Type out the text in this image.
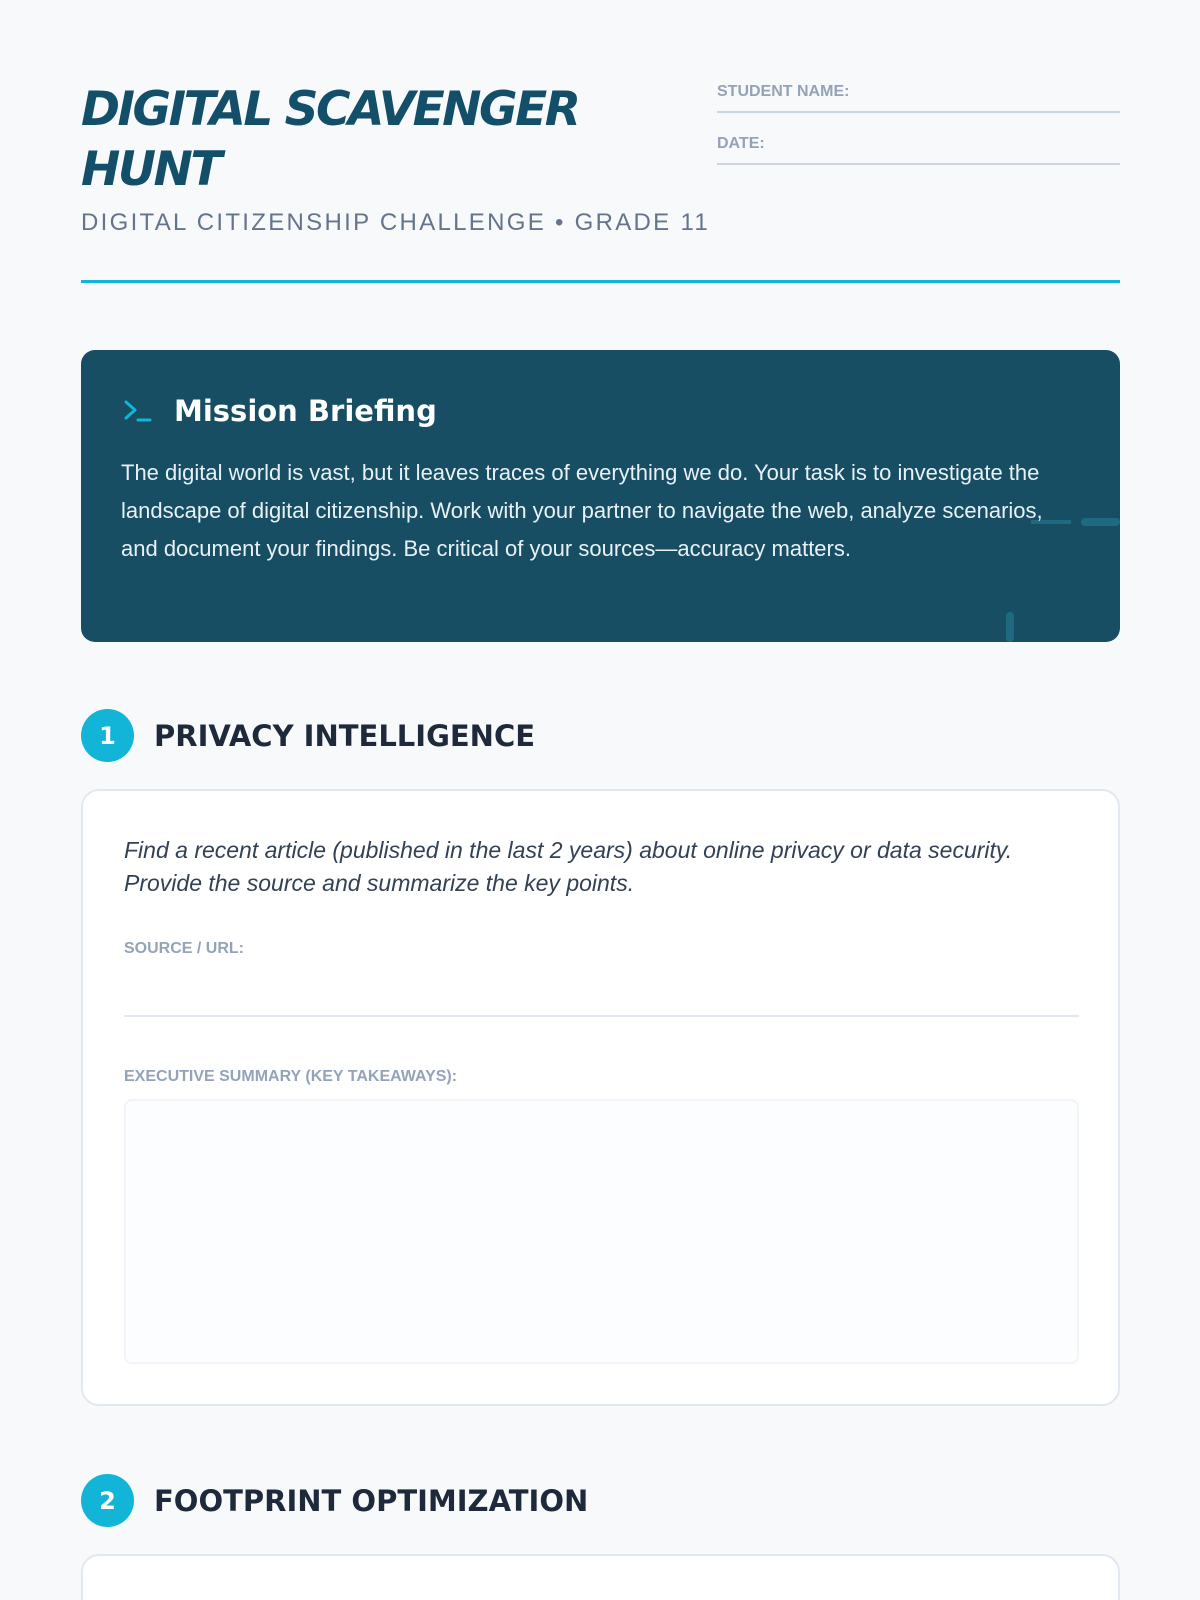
DIGITAL SCAVENGER HUNT
DIGITAL CITIZENSHIP CHALLENGE • GRADE 11
STUDENT NAME:
DATE:
Mission Briefing

The digital world is vast, but it leaves traces of everything we do. Your task is to investigate the landscape of digital citizenship. Work with your partner to navigate the web, analyze scenarios, and document your findings. Be critical of your sources—accuracy matters.

1	PRIVACY INTELLIGENCE

Find a recent article (published in the last 2 years) about online privacy or data security. Provide the source and summarize the key points.

SOURCE / URL:
EXECUTIVE SUMMARY (KEY TAKEAWAYS):
2	FOOTPRINT OPTIMIZATION
